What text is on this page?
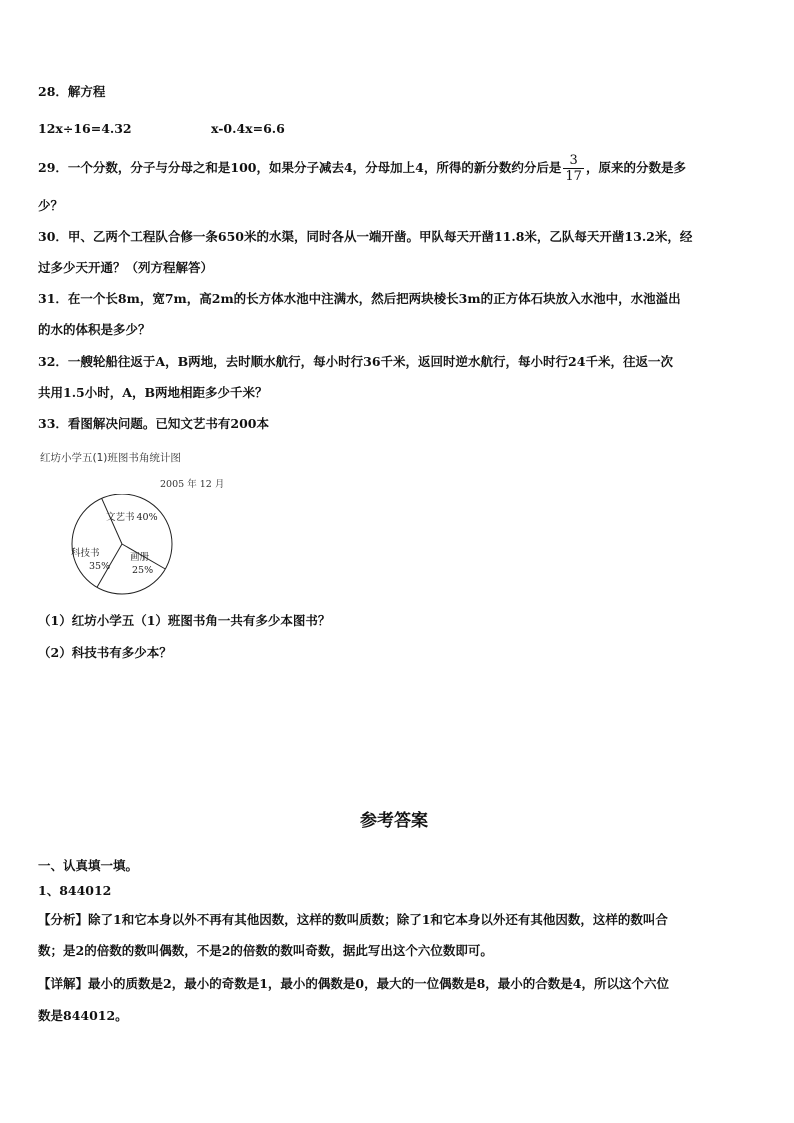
28．解方程
12x÷16=4.32	x-0.4x=6.6
29．一个分数，分子与分母之和是100，如果分子减去4，分母加上4，所得的新分数约分后是 $\frac{3}{17}$ ，原来的分数是多
少？
30．甲、乙两个工程队合修一条650米的水渠，同时各从一端开凿。甲队每天开凿11.8米，乙队每天开凿13.2米，经
过多少天开通？（列方程解答）
31．在一个长8m，宽7m，高2m的长方体水池中注满水，然后把两块棱长3m的正方体石块放入水池中，水池溢出
的水的体积是多少？
32．一艘轮船往返于A，B两地，去时顺水航行，每小时行36千米，返回时逆水航行，每小时行24千米，往返一次
共用1.5小时，A，B两地相距多少千米？
33．看图解决问题。已知文艺书有200本
红坊小学五(1)班图书角统计图
2005 年 12 月
文艺书 40%
画册
25%
科技书
35%
（1）红坊小学五（1）班图书角一共有多少本图书？
（2）科技书有多少本？
参考答案
一、认真填一填。
1、844012
【分析】除了1和它本身以外不再有其他因数，这样的数叫质数；除了1和它本身以外还有其他因数，这样的数叫合
数；是2的倍数的数叫偶数，不是2的倍数的数叫奇数，据此写出这个六位数即可。
【详解】最小的质数是2，最小的奇数是1，最小的偶数是0，最大的一位偶数是8，最小的合数是4，所以这个六位
数是844012。
